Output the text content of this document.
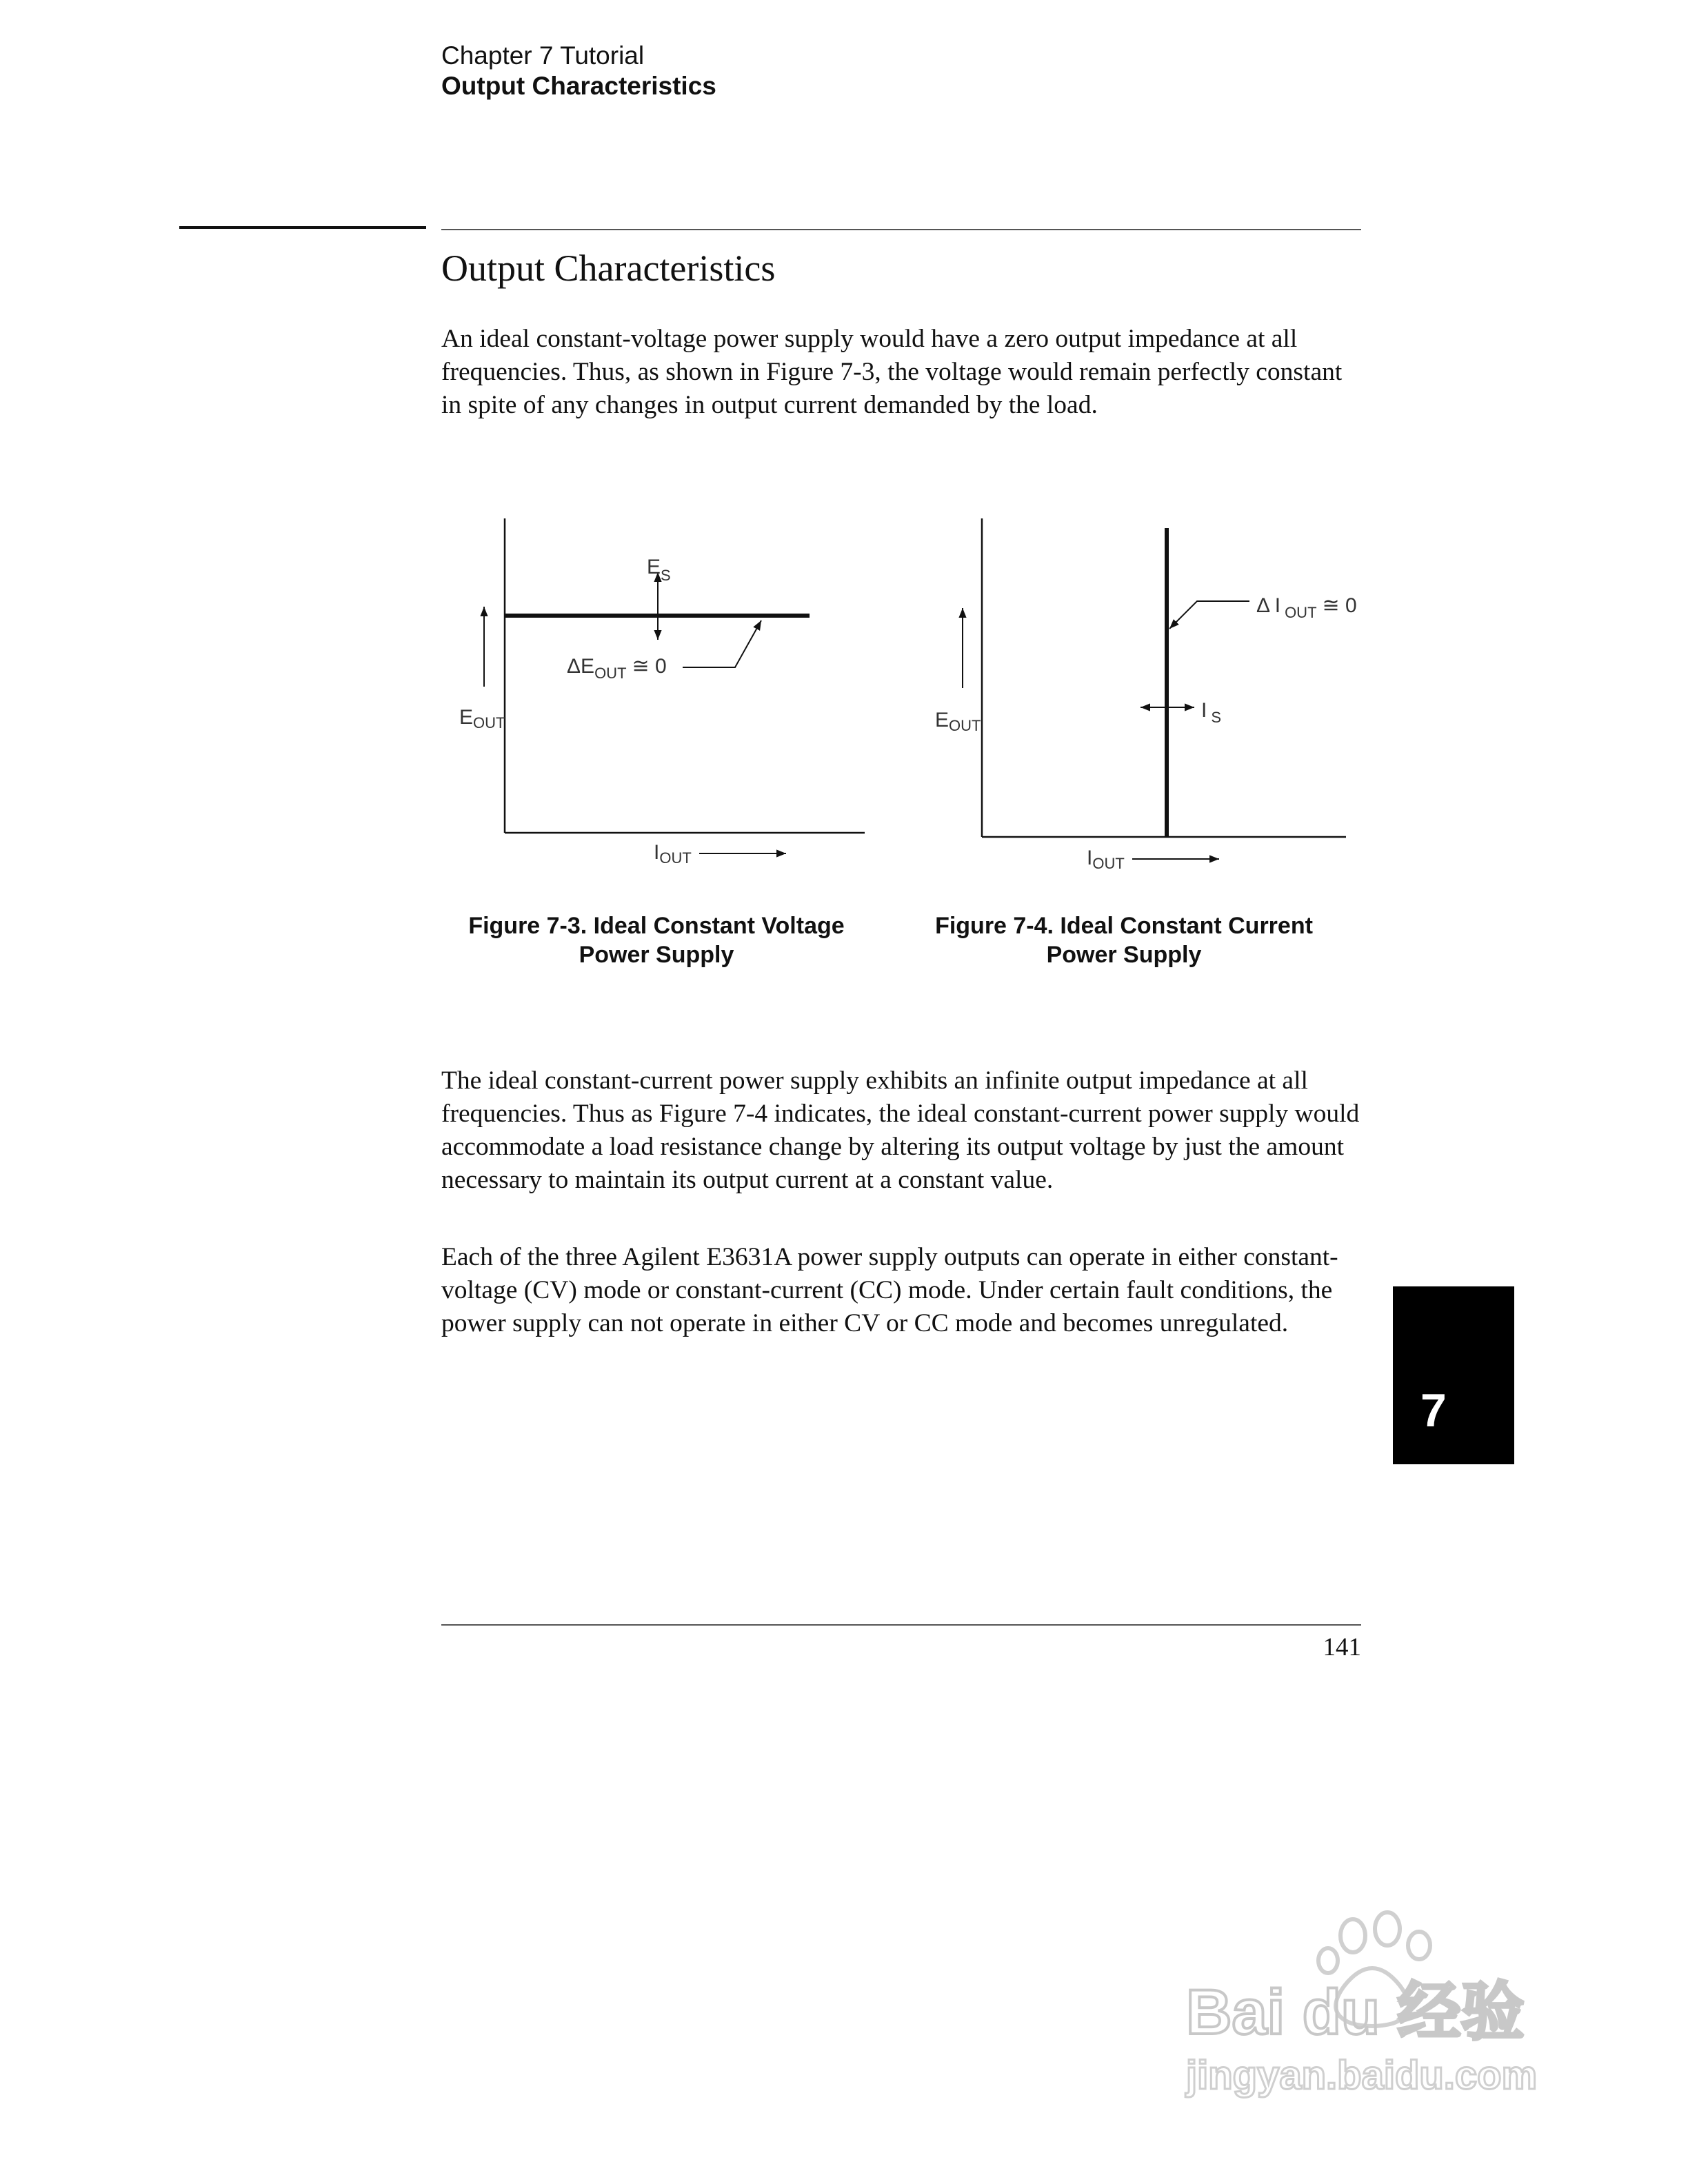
Chapter 7 Tutorial
Output Characteristics
Output Characteristics
An ideal constant-voltage power supply would have a zero output impedance at all frequencies. Thus, as shown in Figure 7-3, the voltage would remain perfectly constant in spite of any changes in output current demanded by the load.
$E_S$
$\Delta E_{OUT}$ ≅ 0
$E_{OUT}$
$I_{OUT}$
Δ I $_{OUT}$ ≅ 0
I $_S$
$E_{OUT}$
$I_{OUT}$
Figure 7-3. Ideal Constant Voltage
Power Supply
Figure 7-4. Ideal Constant Current
Power Supply
The ideal constant-current power supply exhibits an infinite output impedance at all frequencies. Thus as Figure 7-4 indicates, the ideal constant-current power supply would accommodate a load resistance change by altering its output voltage by just the amount necessary to maintain its output current at a constant value.
Each of the three Agilent E3631A power supply outputs can operate in either constant-voltage (CV) mode or constant-current (CC) mode. Under certain fault conditions, the power supply can not operate in either CV or CC mode and becomes unregulated.
7
141
Bai du 经验
jingyan.baidu.com
